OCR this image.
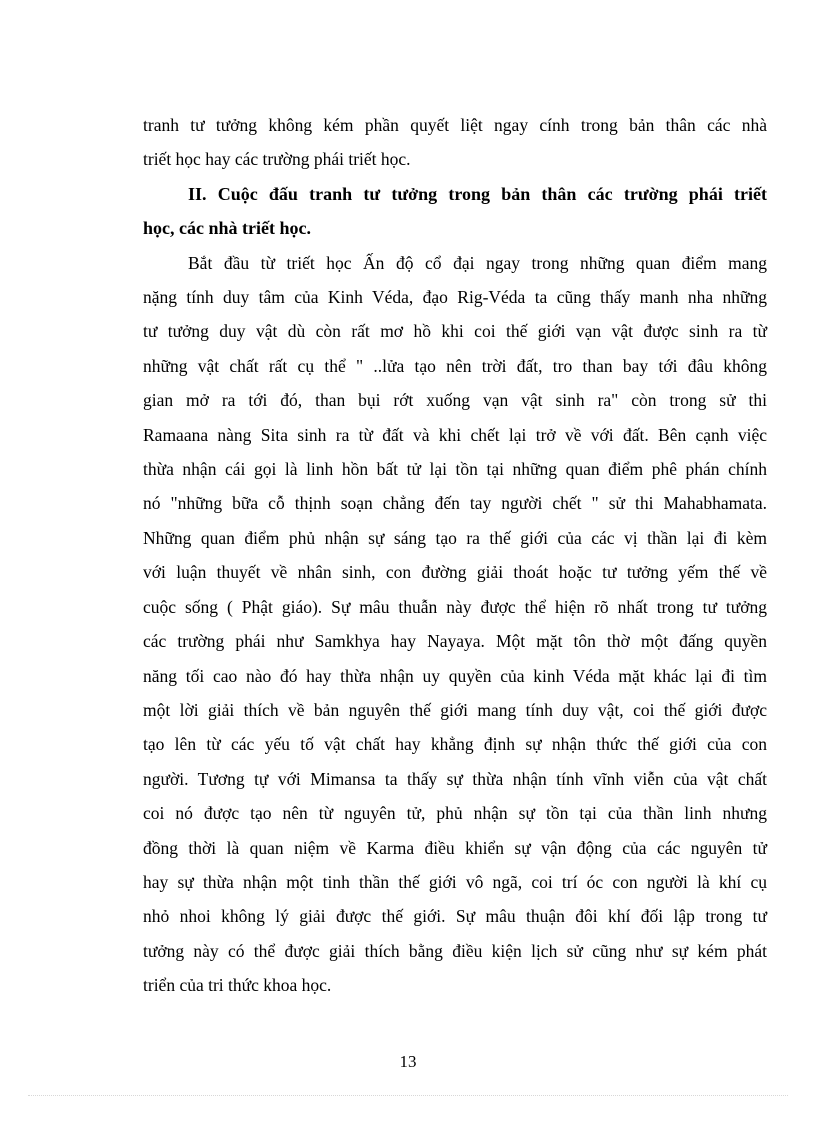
tranh tư tưởng không kém phần quyết liệt ngay cính trong bản thân các nhà
triết học hay các trường phái triết học.
II. Cuộc đấu tranh tư tưởng trong bản thân các trường phái triết
học, các nhà triết học.
Bắt đầu từ triết học Ấn độ cổ đại ngay trong những quan điểm mang
nặng tính duy tâm của Kinh Véda, đạo Rig-Véda ta cũng thấy manh nha những
tư tưởng duy vật dù còn rất mơ hồ khi coi thế giới vạn vật được sinh ra từ
những vật chất rất cụ thể " ..lửa tạo nên trời đất, tro than bay tới đâu không
gian mở ra tới đó, than bụi rớt xuống vạn vật sinh ra" còn trong sử thi
Ramaana nàng Sita sinh ra từ đất và khi chết lại trở về với đất. Bên cạnh việc
thừa nhận cái gọi là linh hồn bất tử lại tồn tại những quan điểm phê phán chính
nó "những bữa cỗ thịnh soạn chẳng đến tay người chết " sử thi Mahabhamata.
Những quan điểm phủ nhận sự sáng tạo ra thế giới của các vị thần lại đi kèm
với luận thuyết về nhân sinh, con đường giải thoát hoặc tư tưởng yếm thế về
cuộc sống ( Phật giáo). Sự mâu thuẫn này được thể hiện rõ nhất trong tư tưởng
các trường phái như Samkhya hay Nayaya. Một mặt tôn thờ một đấng quyền
năng tối cao nào đó hay thừa nhận uy quyền của kinh Véda mặt khác lại đi tìm
một lời giải thích về bản nguyên thế giới mang tính duy vật, coi thế giới được
tạo lên từ các yếu tố vật chất hay khẳng định sự nhận thức thế giới của con
người. Tương tự với Mimansa ta thấy sự thừa nhận tính vĩnh viễn của vật chất
coi nó được tạo nên từ nguyên tử, phủ nhận sự tồn tại của thần linh nhưng
đồng thời là quan niệm về Karma điều khiển sự vận động của các nguyên tử
hay sự thừa nhận một tinh thần thế giới vô ngã, coi trí óc con người là khí cụ
nhỏ nhoi không lý giải được thế giới. Sự mâu thuận đôi khí đối lập trong tư
tưởng này có thể được giải thích bằng điều kiện lịch sử cũng như sự kém phát
triển của tri thức khoa học.
13
